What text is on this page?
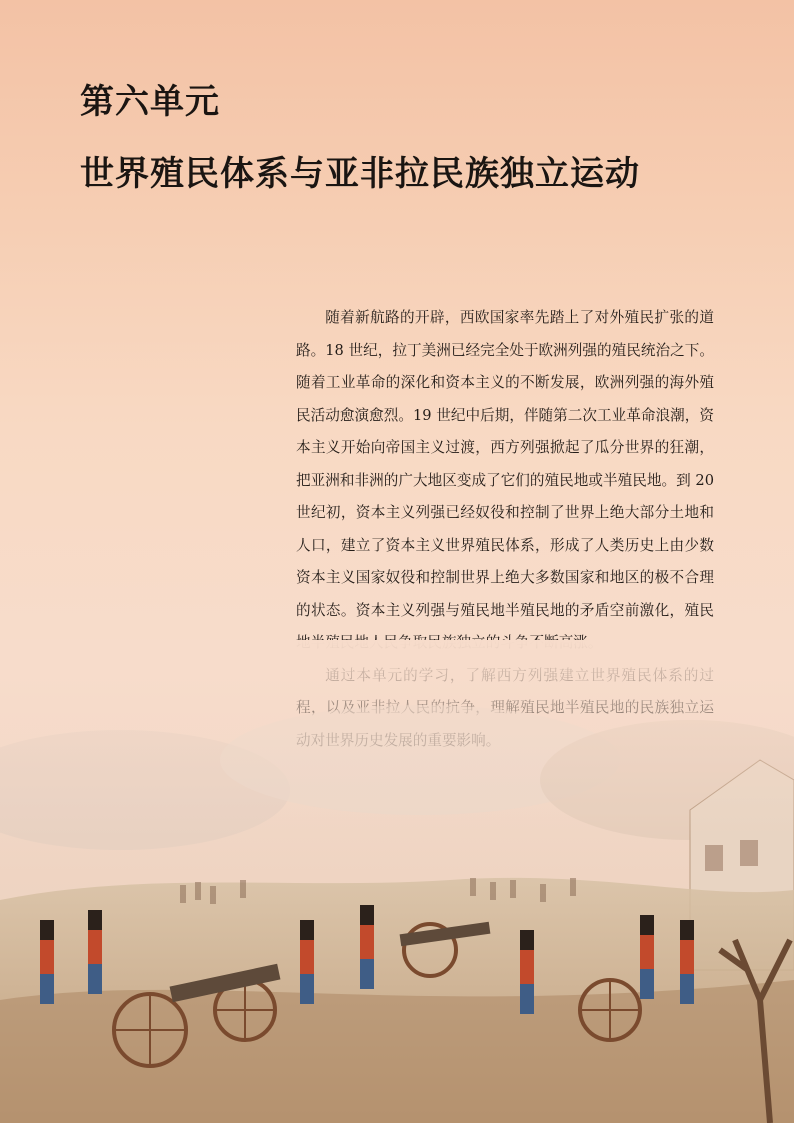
第六单元
世界殖民体系与亚非拉民族独立运动

随着新航路的开辟，西欧国家率先踏上了对外殖民扩张的道路。18 世纪，拉丁美洲已经完全处于欧洲列强的殖民统治之下。随着工业革命的深化和资本主义的不断发展，欧洲列强的海外殖民活动愈演愈烈。19 世纪中后期，伴随第二次工业革命浪潮，资本主义开始向帝国主义过渡，西方列强掀起了瓜分世界的狂潮，把亚洲和非洲的广大地区变成了它们的殖民地或半殖民地。到 20 世纪初，资本主义列强已经奴役和控制了世界上绝大部分土地和人口，建立了资本主义世界殖民体系，形成了人类历史上由少数资本主义国家奴役和控制世界上绝大多数国家和地区的极不合理的状态。资本主义列强与殖民地半殖民地的矛盾空前激化，殖民
